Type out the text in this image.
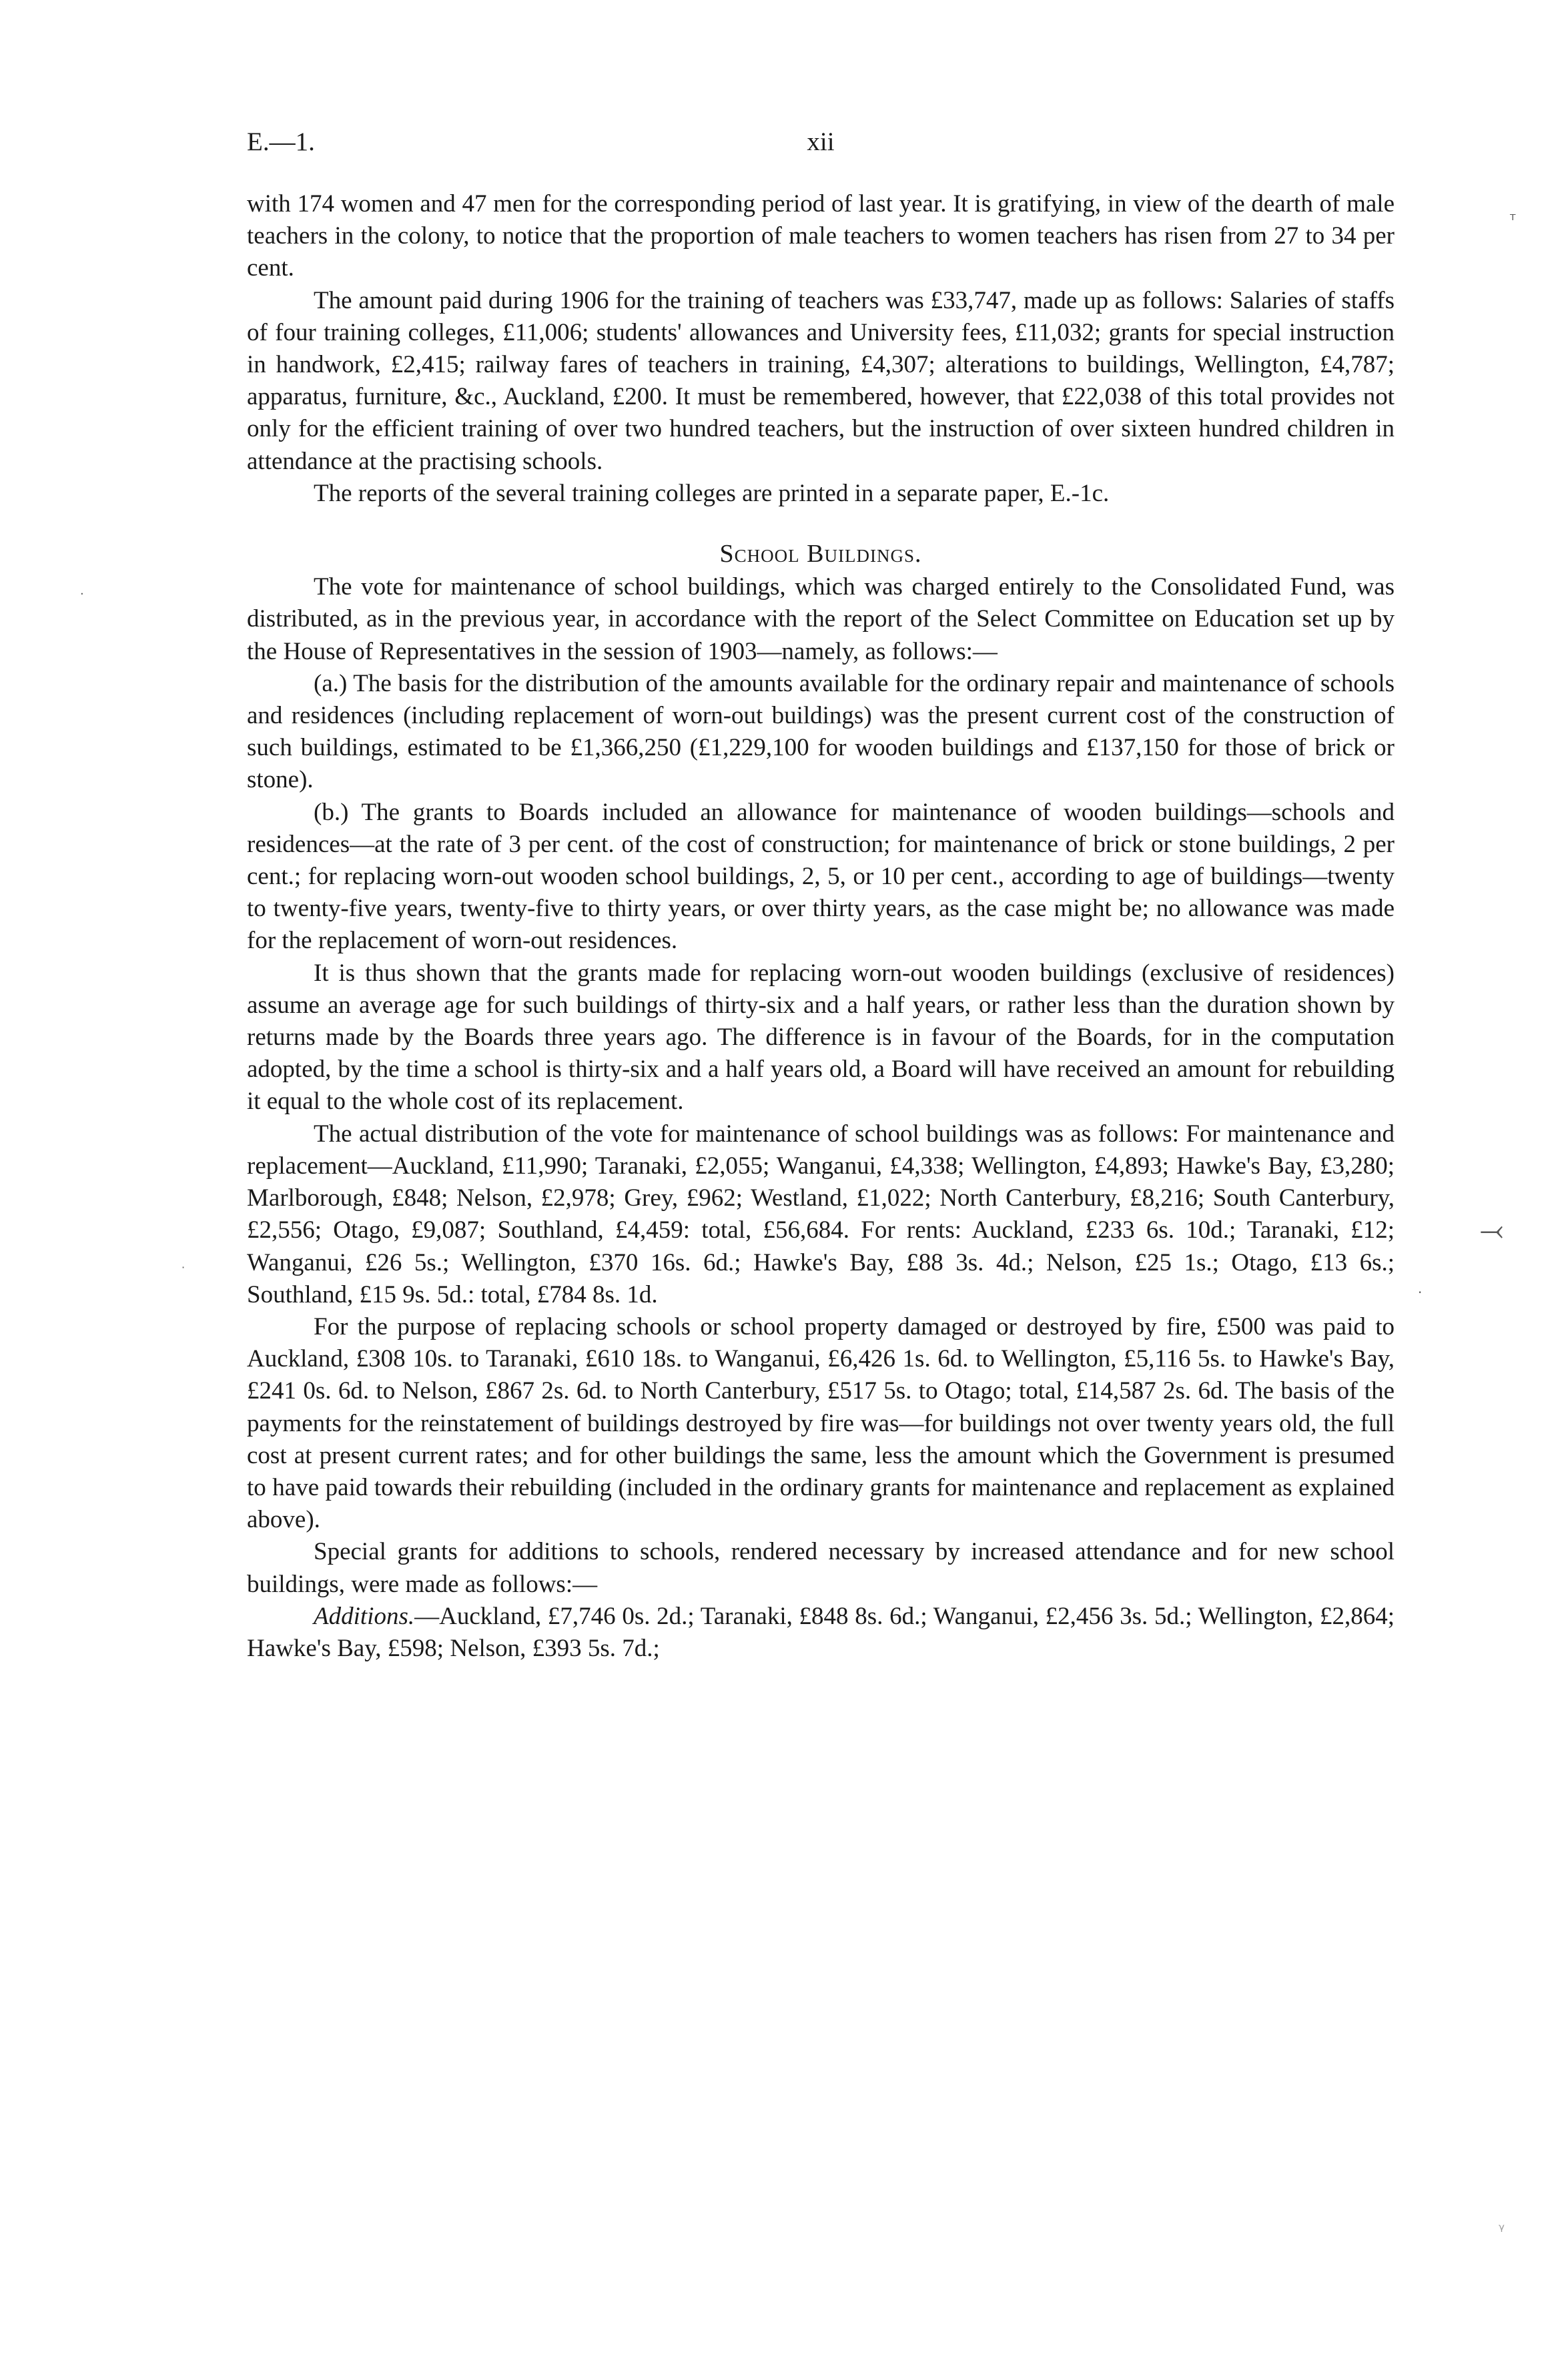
E.—1.	xii

with 174 women and 47 men for the corresponding period of last year. It is gratifying, in view of the dearth of male teachers in the colony, to notice that the proportion of male teachers to women teachers has risen from 27 to 34 per cent.

The amount paid during 1906 for the training of teachers was £33,747, made up as follows: Salaries of staffs of four training colleges, £11,006; students' allowances and University fees, £11,032; grants for special instruction in handwork, £2,415; railway fares of teachers in training, £4,307; alterations to buildings, Wellington, £4,787; apparatus, furniture, &c., Auckland, £200. It must be remembered, however, that £22,038 of this total provides not only for the efficient training of over two hundred teachers, but the instruction of over sixteen hundred children in attendance at the practising schools.

The reports of the several training colleges are printed in a separate paper, E.-1c.

School Buildings.

The vote for maintenance of school buildings, which was charged entirely to the Consolidated Fund, was distributed, as in the previous year, in accordance with the report of the Select Committee on Education set up by the House of Representatives in the session of 1903—namely, as follows:—

(a.) The basis for the distribution of the amounts available for the ordinary repair and maintenance of schools and residences (including replacement of worn-out buildings) was the present current cost of the construction of such buildings, estimated to be £1,366,250 (£1,229,100 for wooden buildings and £137,150 for those of brick or stone).

(b.) The grants to Boards included an allowance for maintenance of wooden buildings—schools and residences—at the rate of 3 per cent. of the cost of construction; for maintenance of brick or stone buildings, 2 per cent.; for replacing worn-out wooden school buildings, 2, 5, or 10 per cent., according to age of buildings—twenty to twenty-five years, twenty-five to thirty years, or over thirty years, as the case might be; no allowance was made for the replacement of worn-out residences.

It is thus shown that the grants made for replacing worn-out wooden buildings (exclusive of residences) assume an average age for such buildings of thirty-six and a half years, or rather less than the duration shown by returns made by the Boards three years ago. The difference is in favour of the Boards, for in the computation adopted, by the time a school is thirty-six and a half years old, a Board will have received an amount for rebuilding it equal to the whole cost of its replacement.

The actual distribution of the vote for maintenance of school buildings was as follows: For maintenance and replacement—Auckland, £11,990; Taranaki, £2,055; Wanganui, £4,338; Wellington, £4,893; Hawke's Bay, £3,280; Marlborough, £848; Nelson, £2,978; Grey, £962; Westland, £1,022; North Canterbury, £8,216; South Canterbury, £2,556; Otago, £9,087; Southland, £4,459: total, £56,684. For rents: Auckland, £233 6s. 10d.; Taranaki, £12; Wanganui, £26 5s.; Wellington, £370 16s. 6d.; Hawke's Bay, £88 3s. 4d.; Nelson, £25 1s.; Otago, £13 6s.; Southland, £15 9s. 5d.: total, £784 8s. 1d.

For the purpose of replacing schools or school property damaged or destroyed by fire, £500 was paid to Auckland, £308 10s. to Taranaki, £610 18s. to Wanganui, £6,426 1s. 6d. to Wellington, £5,116 5s. to Hawke's Bay, £241 0s. 6d. to Nelson, £867 2s. 6d. to North Canterbury, £517 5s. to Otago; total, £14,587 2s. 6d. The basis of the payments for the reinstatement of buildings destroyed by fire was—for buildings not over twenty years old, the full cost at present current rates; and for other buildings the same, less the amount which the Government is presumed to have paid towards their rebuilding (included in the ordinary grants for maintenance and replacement as explained above).

Special grants for additions to schools, rendered necessary by increased attendance and for new school buildings, were made as follows:—

Additions.—Auckland, £7,746 0s. 2d.; Taranaki, £848 8s. 6d.; Wanganui, £2,456 3s. 5d.; Wellington, £2,864; Hawke's Bay, £598; Nelson, £393 5s. 7d.;

ᵀ
·
⤙
·
·
ᵧ
